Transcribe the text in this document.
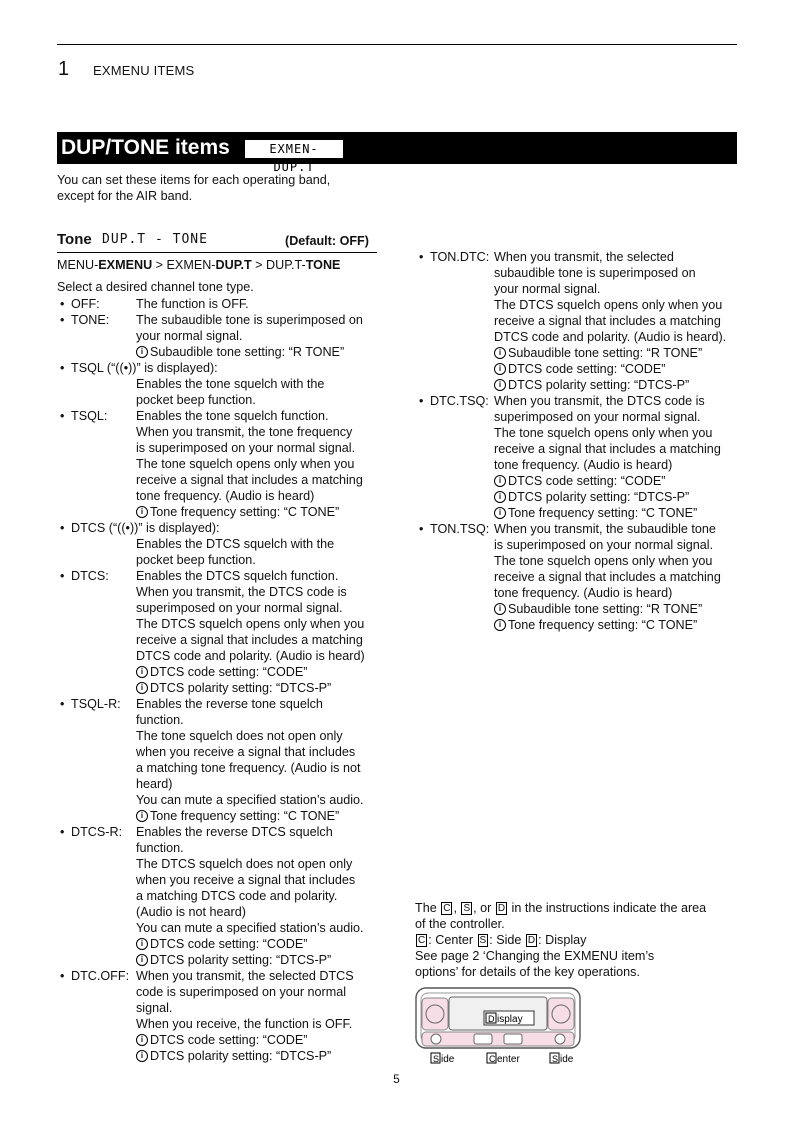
1 EXMENU ITEMS
DUP/TONE items	EXMEN- DUP.T
You can set these items for each operating band,
except for the AIR band.
Tone DUP.T - TONE	(Default: OFF)
MENU-EXMENU > EXMEN-DUP.T > DUP.T-TONE
Select a desired channel tone type.
• OFF:	The function is OFF.
• TONE: The subaudible tone is superimposed on
your normal signal.
i Subaudible tone setting: “R TONE”
• TSQL (“((•))” is displayed):
Enables the tone squelch with the
pocket beep function.
• TSQL: Enables the tone squelch function.
When you transmit, the tone frequency
is superimposed on your normal signal.
The tone squelch opens only when you
receive a signal that includes a matching
tone frequency. (Audio is heard)
i Tone frequency setting: “C TONE”
• DTCS (“((•))” is displayed):
Enables the DTCS squelch with the
pocket beep function.
• DTCS: Enables the DTCS squelch function.
When you transmit, the DTCS code is
superimposed on your normal signal.
The DTCS squelch opens only when you
receive a signal that includes a matching
DTCS code and polarity. (Audio is heard)
i DTCS code setting: “CODE”
i DTCS polarity setting: “DTCS-P”
• TSQL-R: Enables the reverse tone squelch
function.
The tone squelch does not open only
when you receive a signal that includes
a matching tone frequency. (Audio is not
heard)
You can mute a specified station’s audio.
i Tone frequency setting: “C TONE”
• DTCS-R: Enables the reverse DTCS squelch
function.
The DTCS squelch does not open only
when you receive a signal that includes
a matching DTCS code and polarity.
(Audio is not heard)
You can mute a specified station’s audio.
i DTCS code setting: “CODE”
i DTCS polarity setting: “DTCS-P”
• DTC.OFF: When you transmit, the selected DTCS
code is superimposed on your normal
signal.
When you receive, the function is OFF.
i DTCS code setting: “CODE”
i DTCS polarity setting: “DTCS-P”
• TON.DTC: When you transmit, the selected
subaudible tone is superimposed on
your normal signal.
The DTCS squelch opens only when you
receive a signal that includes a matching
DTCS code and polarity. (Audio is heard).
i Subaudible tone setting: “R TONE”
i DTCS code setting: “CODE”
i DTCS polarity setting: “DTCS-P”
• DTC.TSQ: When you transmit, the DTCS code is
superimposed on your normal signal.
The tone squelch opens only when you
receive a signal that includes a matching
tone frequency. (Audio is heard)
i DTCS code setting: “CODE”
i DTCS polarity setting: “DTCS-P”
i Tone frequency setting: “C TONE”
• TON.TSQ: When you transmit, the subaudible tone
is superimposed on your normal signal.
The tone squelch opens only when you
receive a signal that includes a matching
tone frequency. (Audio is heard)
i Subaudible tone setting: “R TONE”
i Tone frequency setting: “C TONE”
The C , S , or D in the instructions indicate the area
of the controller.
C : Center S : Side D : Display
See page 2 ‘Changing the EXMENU item’s
options’ for details of the key operations.
D isplay
S ide	C enter	S ide
5
